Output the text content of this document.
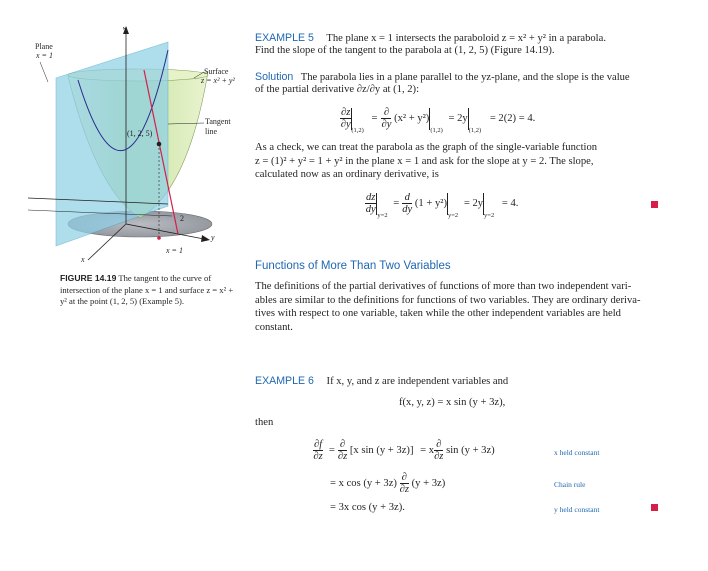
z
y
x
Plane
x = 1
Surface
z = x² + y²
Tangent
line
(1, 2, 5)
2
x = 1
FIGURE 14.19 The tangent to the curve of intersection of the plane x = 1 and surface z = x² + y² at the point (1, 2, 5) (Example 5).
EXAMPLE 5 The plane x = 1 intersects the paraboloid z = x² + y² in a parabola.
Find the slope of the tangent to the parabola at (1, 2, 5) (Figure 14.19).
Solution The parabola lies in a plane parallel to the yz-plane, and the slope is the value
of the partial derivative ∂z/∂y at (1, 2):
$\frac{\partial z}{\partial y}$
$_{(1,2)} = \frac{\partial}{\partial y} (x^2 + y^2)_{(1,2)} = 2y_{(1,2)} = 2(2) = 4$.
As a check, we can treat the parabola as the graph of the single-variable function
z = (1)² + y² = 1 + y² in the plane x = 1 and ask for the slope at y = 2. The slope,
calculated now as an ordinary derivative, is
$\frac{dz}{dy}$
$_{y=2} = \frac{d}{dy} (1 + y^2)_{y=2} = 2y_{y=2} = 4$.
Functions of More Than Two Variables
The definitions of the partial derivatives of functions of more than two independent vari-
ables are similar to the definitions for functions of two variables. They are ordinary deriva-
tives with respect to one variable, taken while the other independent variables are held
constant.
EXAMPLE 6 If x, y, and z are independent variables and
f(x, y, z) = x sin (y + 3z),
then
$\frac{\partial f}{\partial z} = \frac{\partial}{\partial z} [x$ sin (y + 3z)] = x $\frac{\partial}{\partial z}$ sin (y + 3z)	x held constant
= x $\cos (y + 3z) \frac{\partial}{\partial z} (y + 3z)$	Chain rule
= 3x cos (y + 3z).	y held constant
